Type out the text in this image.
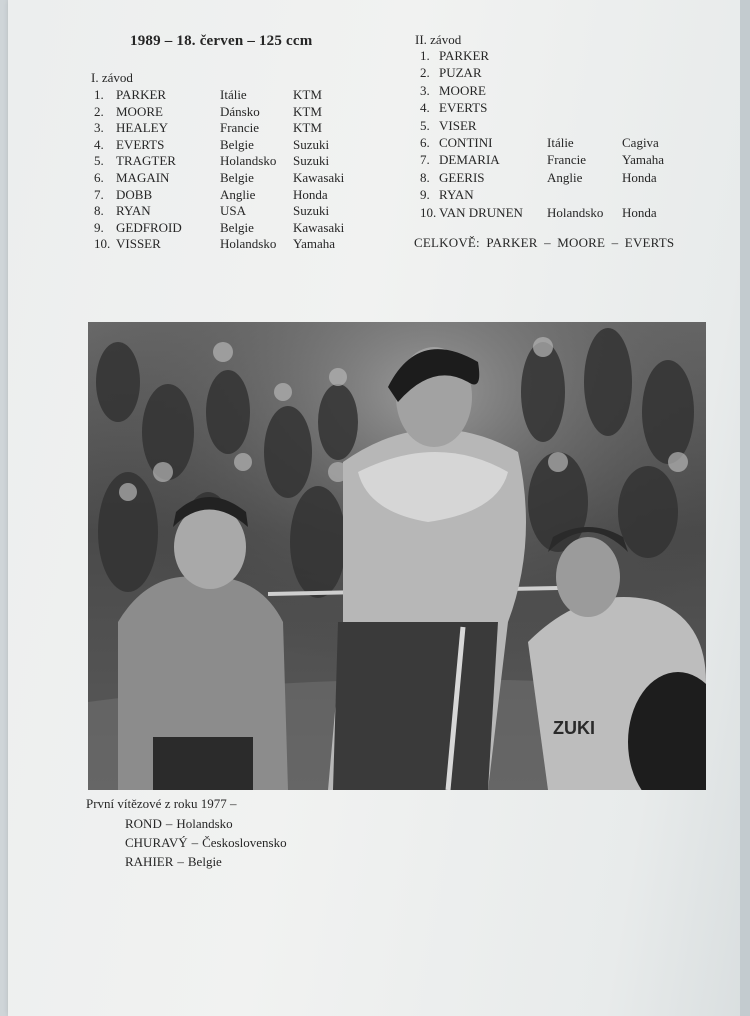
1989 – 18. červen – 125 ccm
I. závod
1. PARKER	Itálie	KTM
2. MOORE	Dánsko	KTM
3. HEALEY	Francie	KTM
4. EVERTS	Belgie	Suzuki
5. TRAGTER	Holandsko Suzuki
6. MAGAIN	Belgie	Kawasaki
7. DOBB	Anglie	Honda
8. RYAN	USA	Suzuki
9. GEDFROID	Belgie	Kawasaki
10. VISSER	Holandsko Yamaha
II. závod
1. PARKER
2. PUZAR
3. MOORE
4. EVERTS
5. VISER
6. CONTINI	Itálie	Cagiva
7. DEMARIA	Francie	Yamaha
8. GEERIS	Anglie	Honda
9. RYAN
10. VAN DRUNEN Holandsko Honda
CELKOVĚ: PARKER – MOORE – EVERTS
ZUKI
První vítězové z roku 1977 –
ROND – Holandsko
CHURAVÝ – Československo
RAHIER – Belgie
